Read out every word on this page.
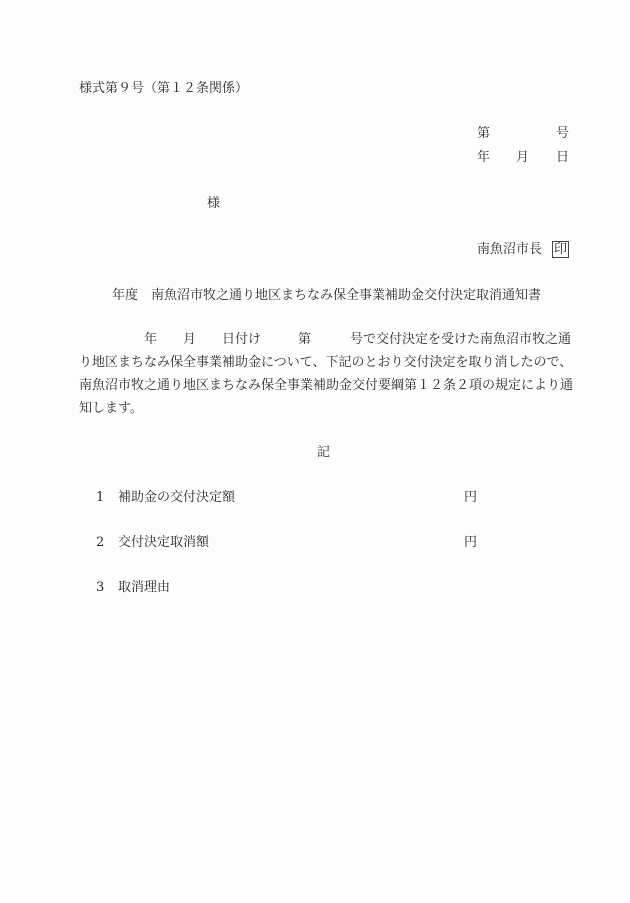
様式第９号（第１２条関係）
第	号
年 月 日
様
南魚沼市長 印
年度 南魚沼市牧之通り地区まちなみ保全事業補助金交付決定取消通知書
年 月 日付け	第	号で交付決定を受けた南魚沼市牧之通
り地区まちなみ保全事業補助金について、下記のとおり交付決定を取り消したので、
南魚沼市牧之通り地区まちなみ保全事業補助金交付要綱第１２条２項の規定により通
知します。
記
1 補助金の交付決定額	円
2 交付決定取消額	円
3 取消理由
